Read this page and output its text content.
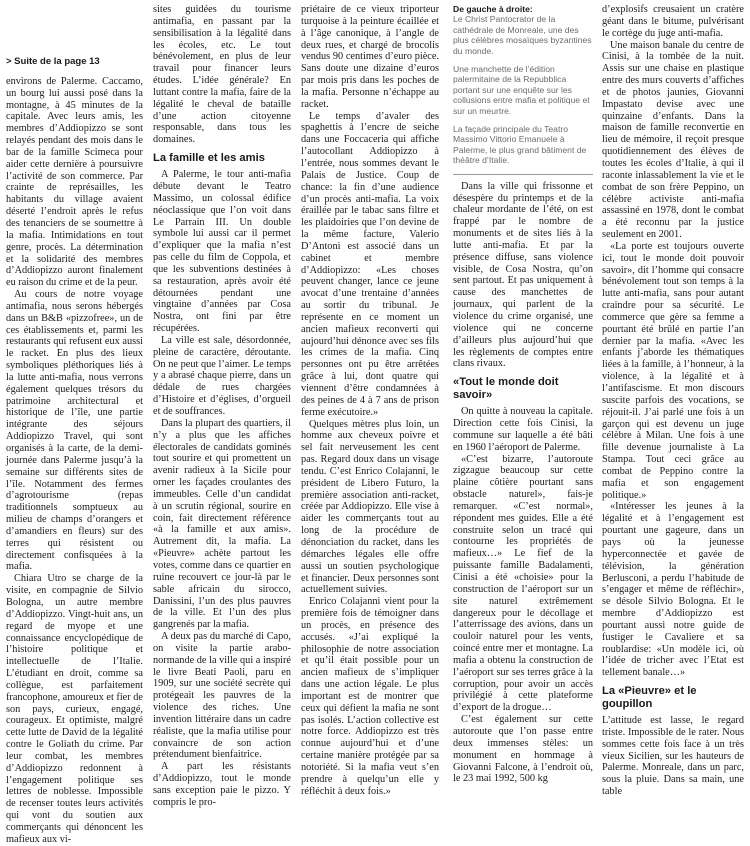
> Suite de la page 13

environs de Palerme. Caccamo, un bourg lui aussi posé dans la montagne, à 45 minutes de la capitale. Avec leurs amis, les membres d’Addiopizzo se sont relayés pendant des mois dans le bar de la famille Scimeca pour aider cette dernière à poursuivre l’activité de son commerce. Par crainte de représailles, les habitants du village avaient déserté l’endroit après le refus des tenanciers de se soumettre à la mafia. Intimidations en tout genre, procès. La détermination et la solidarité des membres d’Addiopizzo auront finalement eu raison du crime et de la peur.

Au cours de notre voyage antimafia, nous serons hébergés dans un B&B «pizzofree», un de ces établissements et, parmi les restaurants qui refusent eux aussi le racket. En plus des lieux symboliques pléthoriques liés à la lutte anti-mafia, nous verrons également quelques trésors du patrimoine architectural et historique de l’île, une partie intégrante des séjours Addiopizzo Travel, qui sont organisés à la carte, de la demi-journée dans Palerme jusqu’à la semaine sur différents sites de l’île. Notamment des fermes d’agrotourisme (repas traditionnels somptueux au milieu de champs d’orangers et d’amandiers en fleurs) sur des terres qui résistent ou directement confisquées à la mafia.

Chiara Utro se charge de la visite, en compagnie de Silvio Bologna, un autre membre d’Addiopizzo. Vingt-huit ans, un regard de myope et une connaissance encyclopédique de l’histoire politique et intellectuelle de l’Italie. L’étudiant en droit, comme sa collègue, est parfaitement francophone, amoureux et fier de son pays, curieux, engagé, courageux. Et optimiste, malgré cette lutte de David de la légalité contre le Goliath du crime. Par leur combat, les membres d’Addiopizzo redonnent à l’engagement politique ses lettres de noblesse. Impossible de recenser toutes leurs activités qui vont du soutien aux commerçants qui dénoncent les mafieux aux vi-

sites guidées du tourisme antimafia, en passant par la sensibilisation à la légalité dans les écoles, etc. Le tout bénévolement, en plus de leur travail pour financer leurs études. L’idée générale? En luttant contre la mafia, faire de la légalité le cheval de bataille d’une action citoyenne responsable, dans tous les domaines.

La famille et les amis

A Palerme, le tour anti-mafia débute devant le Teatro Massimo, un colossal édifice néoclassique que l’on voit dans Le Parrain III. Un double symbole lui aussi car il permet d’expliquer que la mafia n’est pas celle du film de Coppola, et que les subventions destinées à sa restauration, après avoir été détournées pendant une vingtaine d’années par Cosa Nostra, ont fini par être récupérées.

La ville est sale, désordonnée, pleine de caractère, déroutante. On ne peut que l’aimer. Le temps y a abrasé chaque pierre, dans un dédale de rues chargées d’Histoire et d’églises, d’orgueil et de souffrances.

Dans la plupart des quartiers, il n’y a plus que les affiches électorales de candidats gominés tout sourire et qui promettent un avenir radieux à la Sicile pour orner les façades croulantes des immeubles. Celle d’un candidat à un scrutin régional, sourire en coin, fait directement référence «à la famille et aux amis». Autrement dit, la mafia. La «Pieuvre» achète partout les votes, comme dans ce quartier en ruine recouvert ce jour-là par le sable africain du sirocco, Danissini, l’un des plus pauvres de la ville. Et l’un des plus gangrenés par la mafia.

A deux pas du marché di Capo, on visite la partie arabo-normande de la ville qui a inspiré le livre Beati Paoli, paru en 1909, sur une société secrète qui protégeait les pauvres de la violence des riches. Une invention littéraire dans un cadre réaliste, que la mafia utilise pour convaincre de son action prétendument bienfaitrice.

A part les résistants d’Addiopizzo, tout le monde sans exception paie le pizzo. Y compris le pro-

priétaire de ce vieux triporteur turquoise à la peinture écaillée et à l’âge canonique, à l’angle de deux rues, et chargé de brocolis vendus 90 centimes d’euro pièce. Sans doute une dizaine d’euros par mois pris dans les poches de la mafia. Personne n’échappe au racket.

Le temps d’avaler des spaghettis à l’encre de seiche dans une Foccaceria qui affiche l’autocollant Addiopizzo à l’entrée, nous sommes devant le Palais de Justice. Coup de chance: la fin d’une audience d’un procès anti-mafia. La voix éraillée par le tabac sans filtre et les plaidoiries que l’on devine de la même facture, Valerio D’Antoni est associé dans un cabinet et membre d’Addiopizzo: «Les choses peuvent changer, lance ce jeune avocat d’une trentaine d’années au sortir du tribunal. Je représente en ce moment un ancien mafieux reconverti qui aujourd’hui dénonce avec ses fils les crimes de la mafia. Cinq personnes ont pu être arrêtées grâce à lui, dont quatre qui viennent d’être condamnées à des peines de 4 à 7 ans de prison ferme exécutoire.»

Quelques mètres plus loin, un homme aux cheveux poivre et sel fait nerveusement les cent pas. Regard doux dans un visage tendu. C’est Enrico Colajanni, le président de Libero Futuro, la première association anti-racket, créée par Addiopizzo. Elle vise à aider les commerçants tout au long de la procédure de dénonciation du racket, dans les démarches légales elle offre aussi un soutien psychologique et financier. Deux personnes sont actuellement suivies.

Enrico Colajanni vient pour la première fois de témoigner dans un procès, en présence des accusés. «J’ai expliqué la philosophie de notre association et qu’il était possible pour un ancien mafieux de s’impliquer dans une action légale. Le plus important est de montrer que ceux qui défient la mafia ne sont pas isolés. L’action collective est notre force. Addiopizzo est très connue aujourd’hui et d’une certaine manière protégée par sa notoriété. Si la mafia veut s’en prendre à quelqu’un elle y réfléchit à deux fois.»

De gauche à droite:
Le Christ Pantocrator de la cathédrale de Monreale, une des plus célèbres mosaïques byzantines du monde.

Une manchette de l’édition palermitaine de la Repubblica portant sur une enquête sur les collusions entre mafia et politique et sur un meurtre.

La façade principale du Teatro Massimo Vittorio Emanuele à Palerme, le plus grand bâtiment de théâtre d’Italie.

Dans la ville qui frissonne et désespère du printemps et de la chaleur mordante de l’été, on est frappé par le nombre de monuments et de sites liés à la lutte anti-mafia. Et par la présence diffuse, sans violence visible, de Cosa Nostra, qu’on sent partout. Et pas uniquement à cause des manchettes de journaux, qui parlent de la violence du crime organisé, une violence qui ne concerne d’ailleurs plus aujourd’hui que les règlements de comptes entre clans rivaux.

«Tout le monde doit savoir»

On quitte à nouveau la capitale. Direction cette fois Cinisi, la commune sur laquelle a été bâti en 1960 l’aéroport de Palerme.

«C’est bizarre, l’autoroute zigzague beaucoup sur cette plaine côtière pourtant sans obstacle naturel», fais-je remarquer. «C’est normal», répondent mes guides. Elle a été construite selon un tracé qui contourne les propriétés de mafieux…» Le fief de la puissante famille Badalamenti, Cinisi a été «choisie» pour la construction de l’aéroport sur un site naturel extrêmement dangereux pour le décollage et l’atterrissage des avions, dans un couloir naturel pour les vents, coincé entre mer et montagne. La mafia a obtenu la construction de l’aéroport sur ses terres grâce à la corruption, pour avoir un accès privilégié à cette plateforme d’export de la drogue…

C’est également sur cette autoroute que l’on passe entre deux immenses stèles: un monument en hommage à Giovanni Falcone, à l’endroit où, le 23 mai 1992, 500 kg

d’explosifs creusaient un cratère géant dans le bitume, pulvérisant le cortège du juge anti-mafia.

Une maison banale du centre de Cinisi, à la tombée de la nuit. Assis sur une chaise en plastique entre des murs couverts d’affiches et de photos jaunies, Giovanni Impastato devise avec une quinzaine d’enfants. Dans la maison de famille reconvertie en lieu de mémoire, il reçoit presque quotidiennement des élèves de toutes les écoles d’Italie, à qui il raconte inlassablement la vie et le combat de son frère Peppino, un célèbre activiste anti-mafia assassiné en 1978, dont le combat a été reconnu par la justice seulement en 2001.

«La porte est toujours ouverte ici, tout le monde doit pouvoir savoir», dit l’homme qui consacre bénévolement tout son temps à la lutte anti-mafia, sans pour autant craindre pour sa sécurité. Le commerce que gère sa femme a pourtant été brûlé en partie l’an dernier par la mafia. «Avec les enfants j’aborde les thématiques liées à la famille, à l’honneur, à la violence, à la légalité et à l’antifascisme. Et mon discours suscite parfois des vocations, se réjouit-il. J’ai parlé une fois à un garçon qui est devenu un juge célèbre à Milan. Une fois à une fille devenue journaliste à La Stampa. Tout ceci grâce au combat de Peppino contre la mafia et son engagement politique.»

«Intéresser les jeunes à la légalité et à l’engagement est pourtant une gageure, dans un pays où la jeunesse hyperconnectée et gavée de télévision, la génération Berlusconi, a perdu l’habitude de s’engager et même de réfléchir», se désole Silvio Bologna. Et le membre d’Addiopizzo est pourtant aussi notre guide de fustiger le Cavaliere et sa roublardise: «Un modèle ici, où l’idée de tricher avec l’Etat est tellement banale…»

La «Pieuvre» et le goupillon

L’attitude est lasse, le regard triste. Impossible de le rater. Nous sommes cette fois face à un très vieux Sicilien, sur les hauteurs de Palerme. Monreale, dans un parc, sous la pluie. Dans sa main, une table
